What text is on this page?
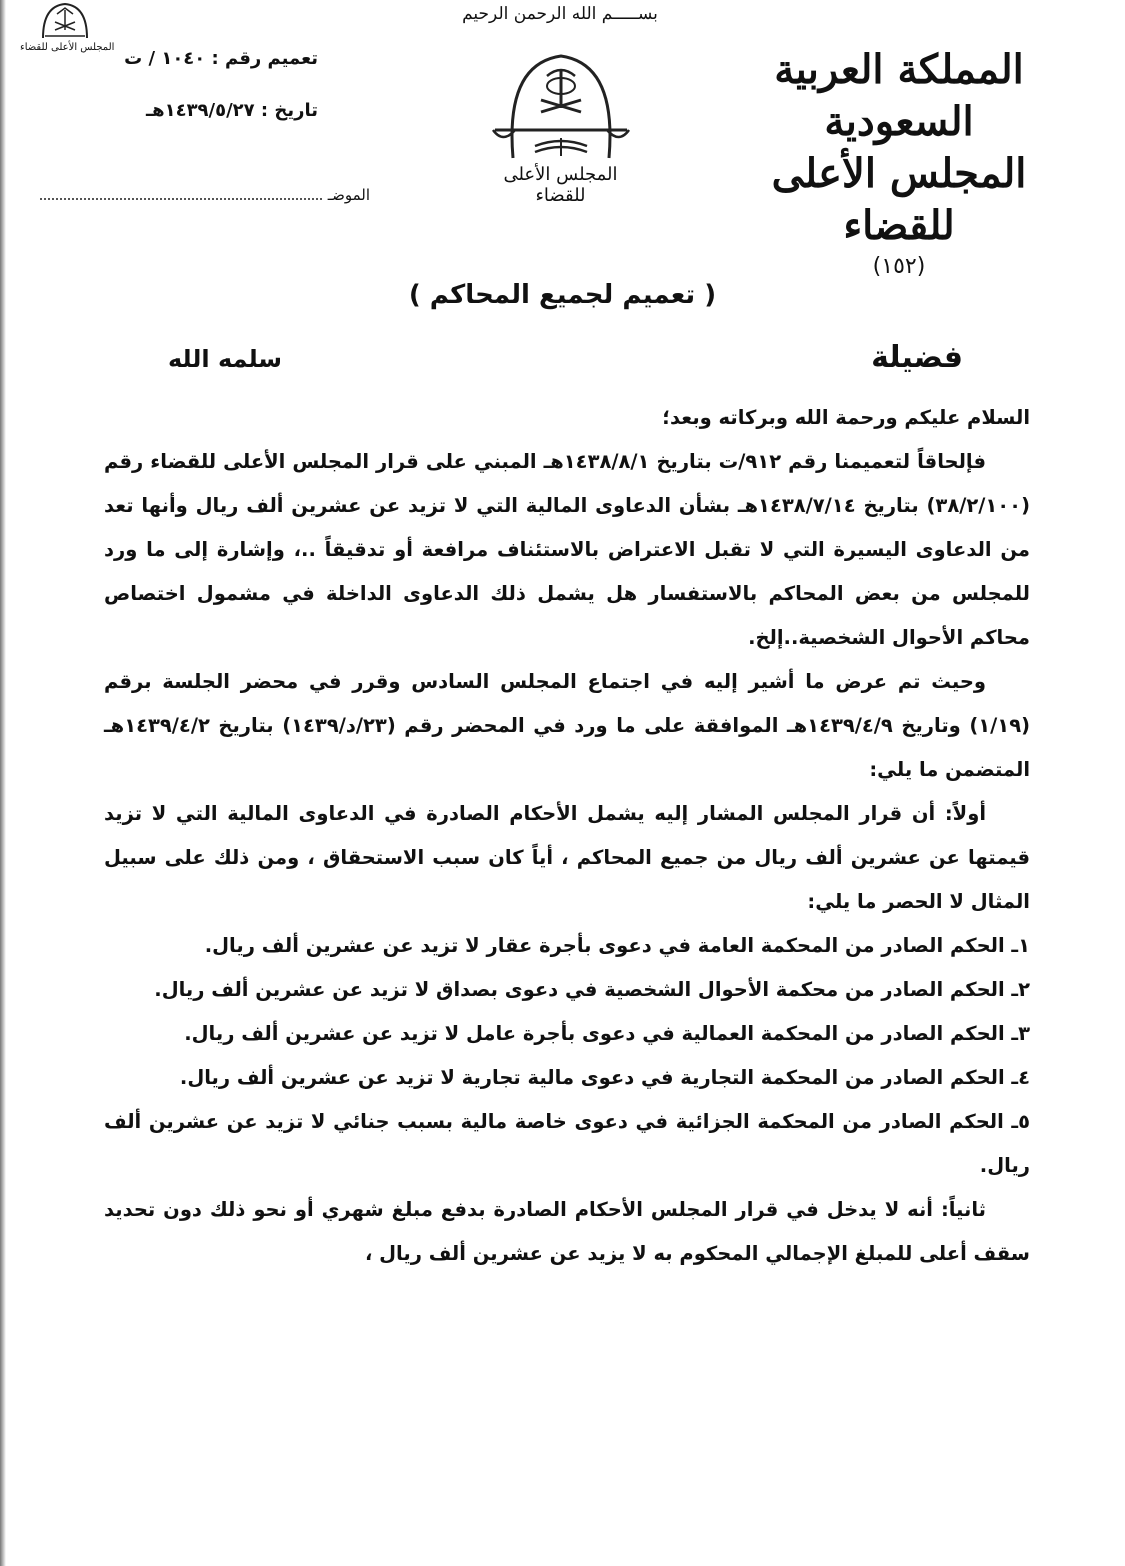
المجلس الأعلى للقضاء
بســـــم الله الرحمن الرحيم
المجلس الأعلى للقضاء
المملكة العربية السعودية
المجلس الأعلى للقضاء
(١٥٢)
تعميم رقم : ١٠٤٠ / ت
تاريخ : ١٤٣٩/٥/٢٧هـ
الموضـ
( تعميم لجميع المحاكم )
فضيلة
سلمه الله

السلام عليكم ورحمة الله وبركاته وبعد؛

فإلحاقاً لتعميمنا رقم ٩١٢/ت بتاريخ ١٤٣٨/٨/١هـ المبني على قرار المجلس الأعلى للقضاء رقم (٣٨/٢/١٠٠) بتاريخ ١٤٣٨/٧/١٤هـ بشأن الدعاوى المالية التي لا تزيد عن عشرين ألف ريال وأنها تعد من الدعاوى اليسيرة التي لا تقبل الاعتراض بالاستئناف مرافعة أو تدقيقاً ..، وإشارة إلى ما ورد للمجلس من بعض المحاكم بالاستفسار هل يشمل ذلك الدعاوى الداخلة في مشمول اختصاص محاكم الأحوال الشخصية..إلخ.

وحيث تم عرض ما أشير إليه في اجتماع المجلس السادس وقرر في محضر الجلسة برقم (١/١٩) وتاريخ ١٤٣٩/٤/٩هـ الموافقة على ما ورد في المحضر رقم (٢٣/د/١٤٣٩) بتاريخ ١٤٣٩/٤/٢هـ المتضمن ما يلي:

أولاً: أن قرار المجلس المشار إليه يشمل الأحكام الصادرة في الدعاوى المالية التي لا تزيد قيمتها عن عشرين ألف ريال من جميع المحاكم ، أياً كان سبب الاستحقاق ، ومن ذلك على سبيل المثال لا الحصر ما يلي:

١ـ الحكم الصادر من المحكمة العامة في دعوى بأجرة عقار لا تزيد عن عشرين ألف ريال.

٢ـ الحكم الصادر من محكمة الأحوال الشخصية في دعوى بصداق لا تزيد عن عشرين ألف ريال.

٣ـ الحكم الصادر من المحكمة العمالية في دعوى بأجرة عامل لا تزيد عن عشرين ألف ريال.

٤ـ الحكم الصادر من المحكمة التجارية في دعوى مالية تجارية لا تزيد عن عشرين ألف ريال.

٥ـ الحكم الصادر من المحكمة الجزائية في دعوى خاصة مالية بسبب جنائي لا تزيد عن عشرين ألف ريال.

ثانياً: أنه لا يدخل في قرار المجلس الأحكام الصادرة بدفع مبلغ شهري أو نحو ذلك دون تحديد سقف أعلى للمبلغ الإجمالي المحكوم به لا يزيد عن عشرين ألف ريال ،
